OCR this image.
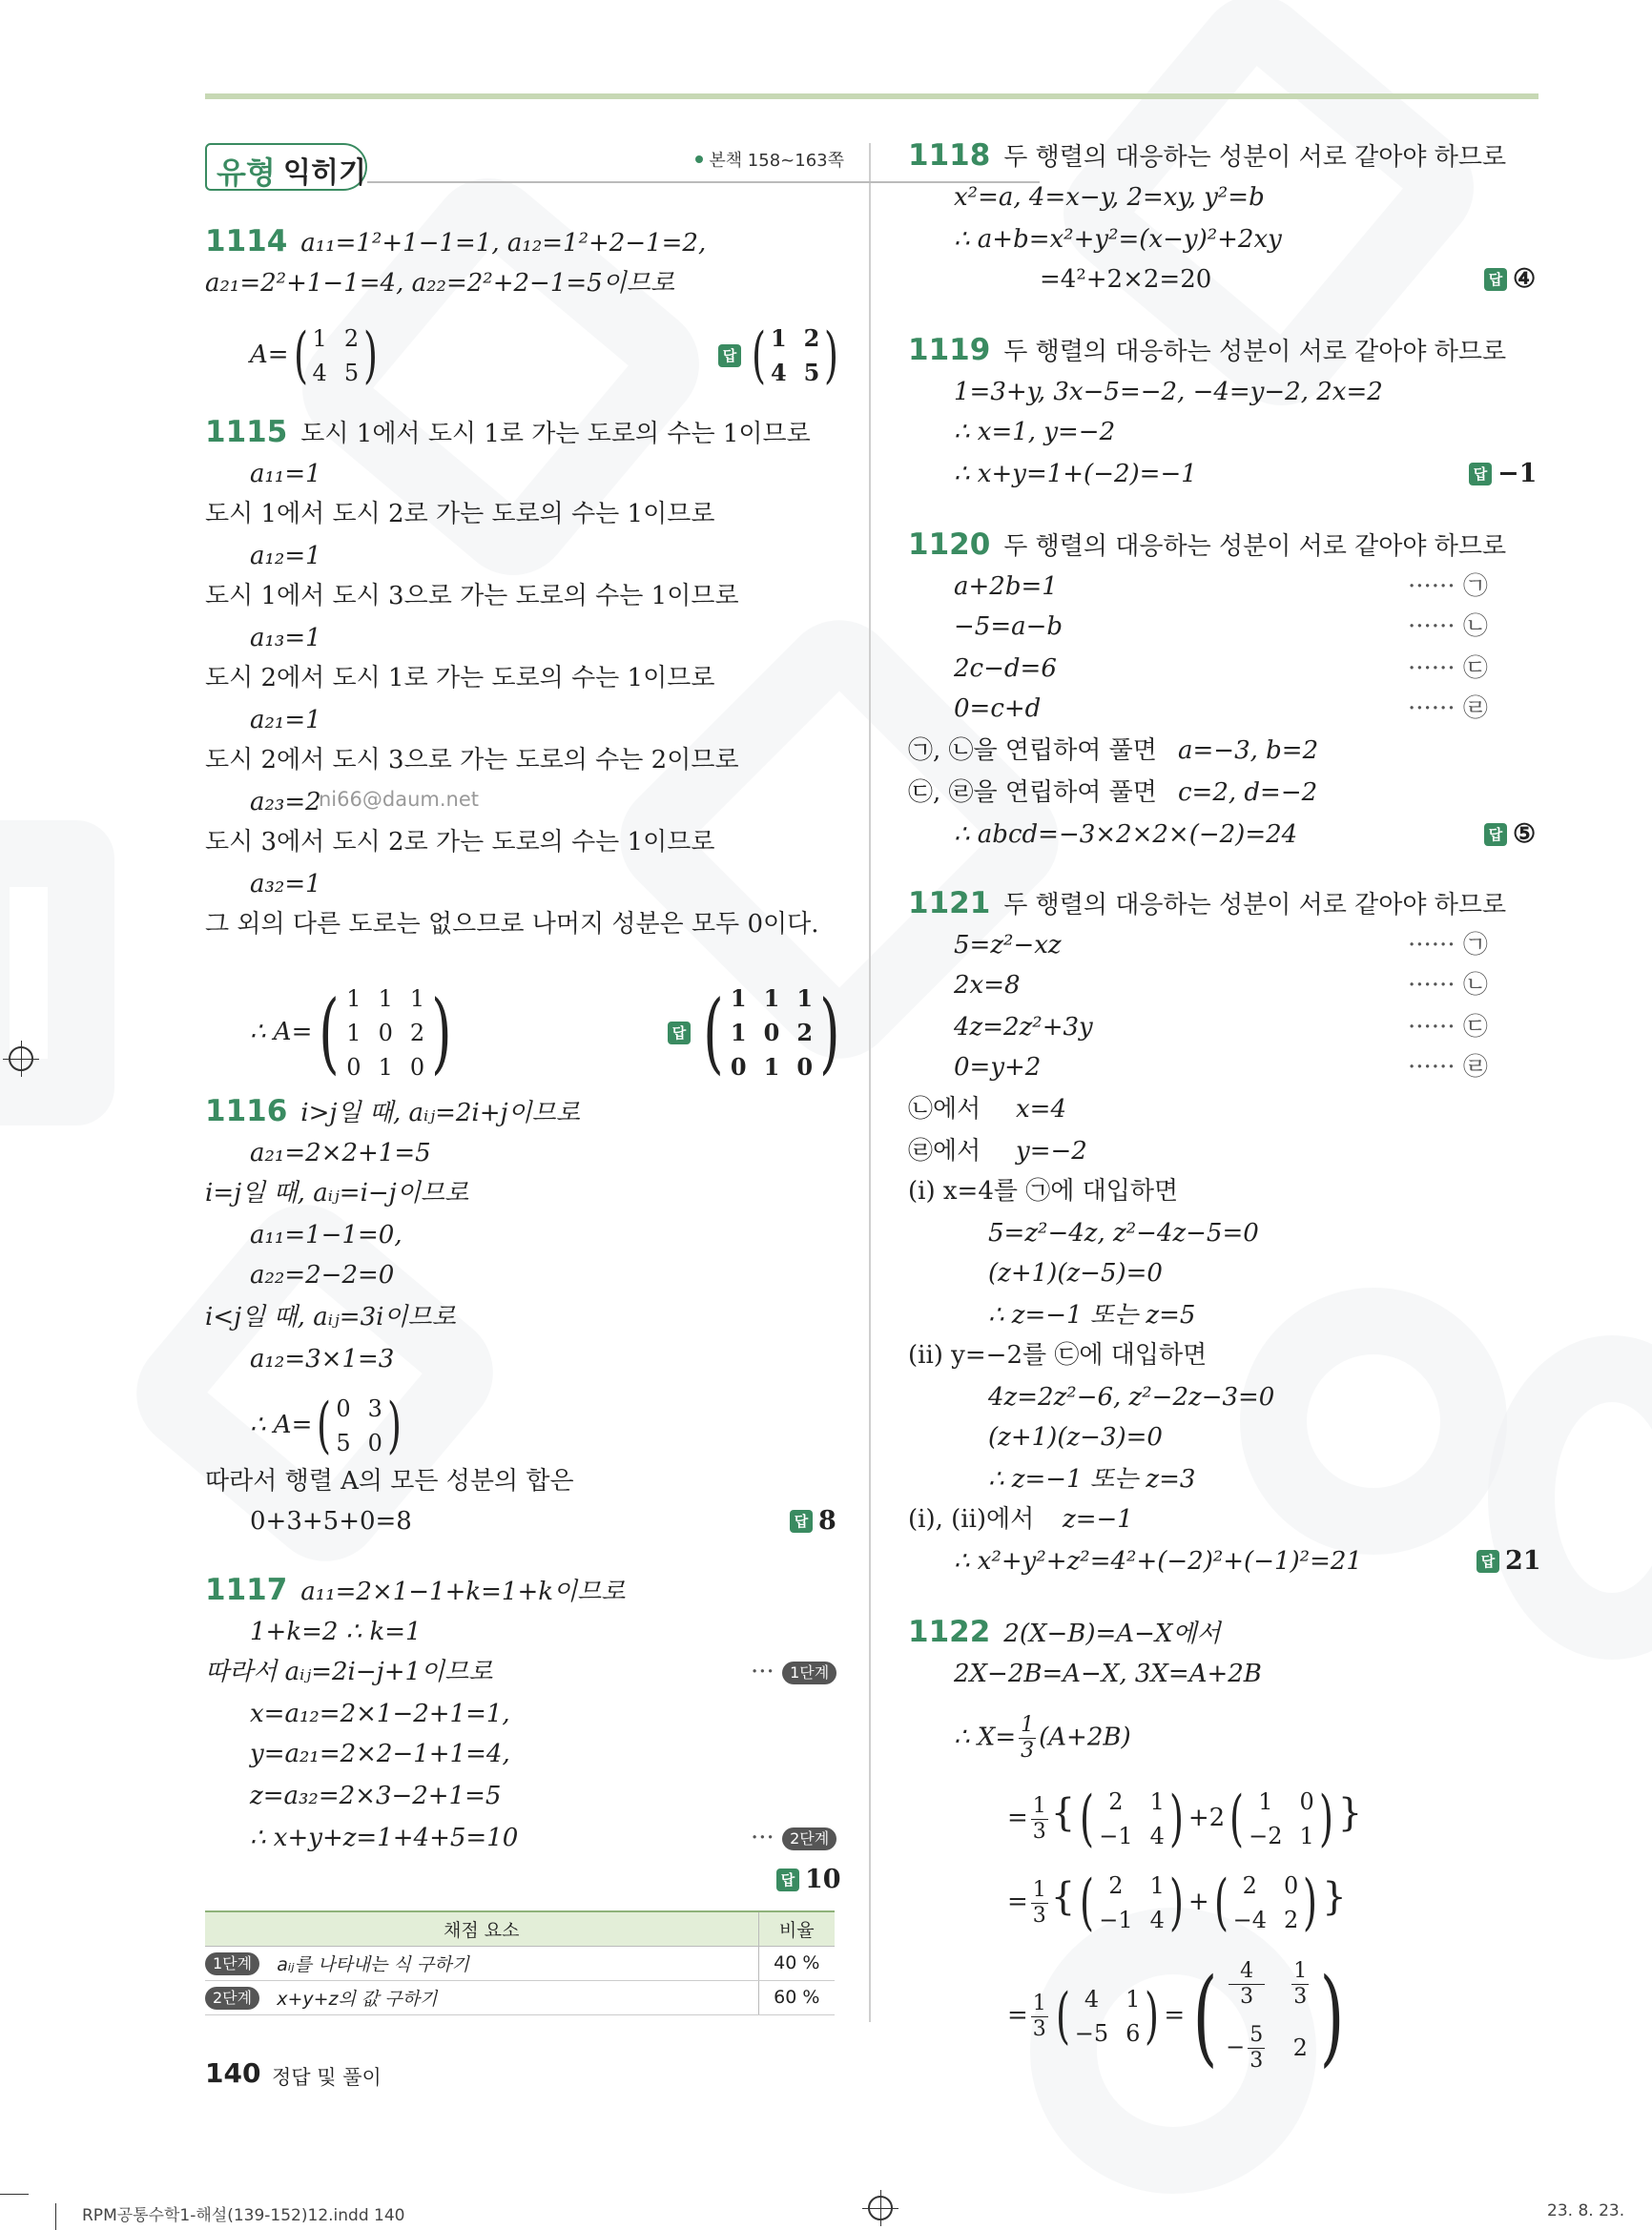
유형 익히기	본책 158~163쪽
1114 a₁₁=1²+1−1=1, a₁₂=1²+2−1=2,
a₂₁=2²+1−1=4, a₂₂=2²+2−1=5이므로
A= ( 1 2
4 5 )	답 ( 1 2
4 5 )
1115 도시 1에서 도시 1로 가는 도로의 수는 1이므로
a₁₁=1
도시 1에서 도시 2로 가는 도로의 수는 1이므로
a₁₂=1
도시 1에서 도시 3으로 가는 도로의 수는 1이므로
a₁₃=1
도시 2에서 도시 1로 가는 도로의 수는 1이므로
a₂₁=1
도시 2에서 도시 3으로 가는 도로의 수는 2이므로
a₂₃=2
ni66@daum.net
도시 3에서 도시 2로 가는 도로의 수는 1이므로
a₃₂=1
그 외의 다른 도로는 없으므로 나머지 성분은 모두 0이다.
∴ A= ( 1 1 1
1 0 2
0 1 0 )	답 ( 1 1 1
1 0 2
0 1 0 )
1116 i>j일 때, aᵢⱼ=2i+j이므로
a₂₁=2×2+1=5
i=j일 때, aᵢⱼ=i−j이므로
a₁₁=1−1=0,
a₂₂=2−2=0
i<j일 때, aᵢⱼ=3i이므로
a₁₂=3×1=3
∴ A= ( 0 3
5 0 )
따라서 행렬 A의 모든 성분의 합은
0+3+5+0=8	답 8
1117 a₁₁=2×1−1+k=1+k이므로
1+k=2 ∴ k=1
따라서 aᵢⱼ=2i−j+1이므로	··· 1단계
x=a₁₂=2×1−2+1=1,
y=a₂₁=2×2−1+1=4,
z=a₃₂=2×3−2+1=5
∴ x+y+z=1+4+5=10	··· 2단계
답 10
채점 요소	비율
1단계 aᵢⱼ를 나타내는 식 구하기	40 %
2단계 x+y+z의 값 구하기	60 %
1118 두 행렬의 대응하는 성분이 서로 같아야 하므로
x²=a, 4=x−y, 2=xy, y²=b
∴ a+b=x²+y²=(x−y)²+2xy
=4²+2×2=20	답 ④
1119 두 행렬의 대응하는 성분이 서로 같아야 하므로
1=3+y, 3x−5=−2, −4=y−2, 2x=2
∴ x=1, y=−2
∴ x+y=1+(−2)=−1	답 −1
1120 두 행렬의 대응하는 성분이 서로 같아야 하므로
a+2b=1	······ ㉠
−5=a−b	······ ㉡
2c−d=6	······ ㉢
0=c+d	······ ㉣
㉠, ㉡을 연립하여 풀면 a=−3, b=2
㉢, ㉣을 연립하여 풀면 c=2, d=−2
∴ abcd=−3×2×2×(−2)=24	답 ⑤
1121 두 행렬의 대응하는 성분이 서로 같아야 하므로
5=z²−xz	······ ㉠
2x=8	······ ㉡
4z=2z²+3y	······ ㉢
0=y+2	······ ㉣
㉡에서 x=4
㉣에서 y=−2
(i) x=4를 ㉠에 대입하면
5=z²−4z, z²−4z−5=0
(z+1)(z−5)=0
∴ z=−1 또는 z=5
(ii) y=−2를 ㉢에 대입하면
4z=2z²−6, z²−2z−3=0
(z+1)(z−3)=0
∴ z=−1 또는 z=3
(i), (ii)에서 z=−1
∴ x²+y²+z²=4²+(−2)²+(−1)²=21	답 21
1122 2(X−B)=A−X에서
2X−2B=A−X, 3X=A+2B
∴ $X= \frac{1}{3} (A+2B)$
= $\frac{1}{3}$ { ( 2	1
−1 4 ) +2 ( 1	0
−2 1 ) }
= $\frac{1}{3}$ { ( 2	1
−1 4 ) + ( 2	0
−4 2 ) }
= $\frac{1}{3}$ ( 4	1
−5 6 ) = ( $\frac{4}{3} \frac{1}{3}$
− $\frac{5}{3} 2$ )
140 정답 및 풀이
RPM공통수학1-해설(139-152)12.indd 140	23. 8. 23.
